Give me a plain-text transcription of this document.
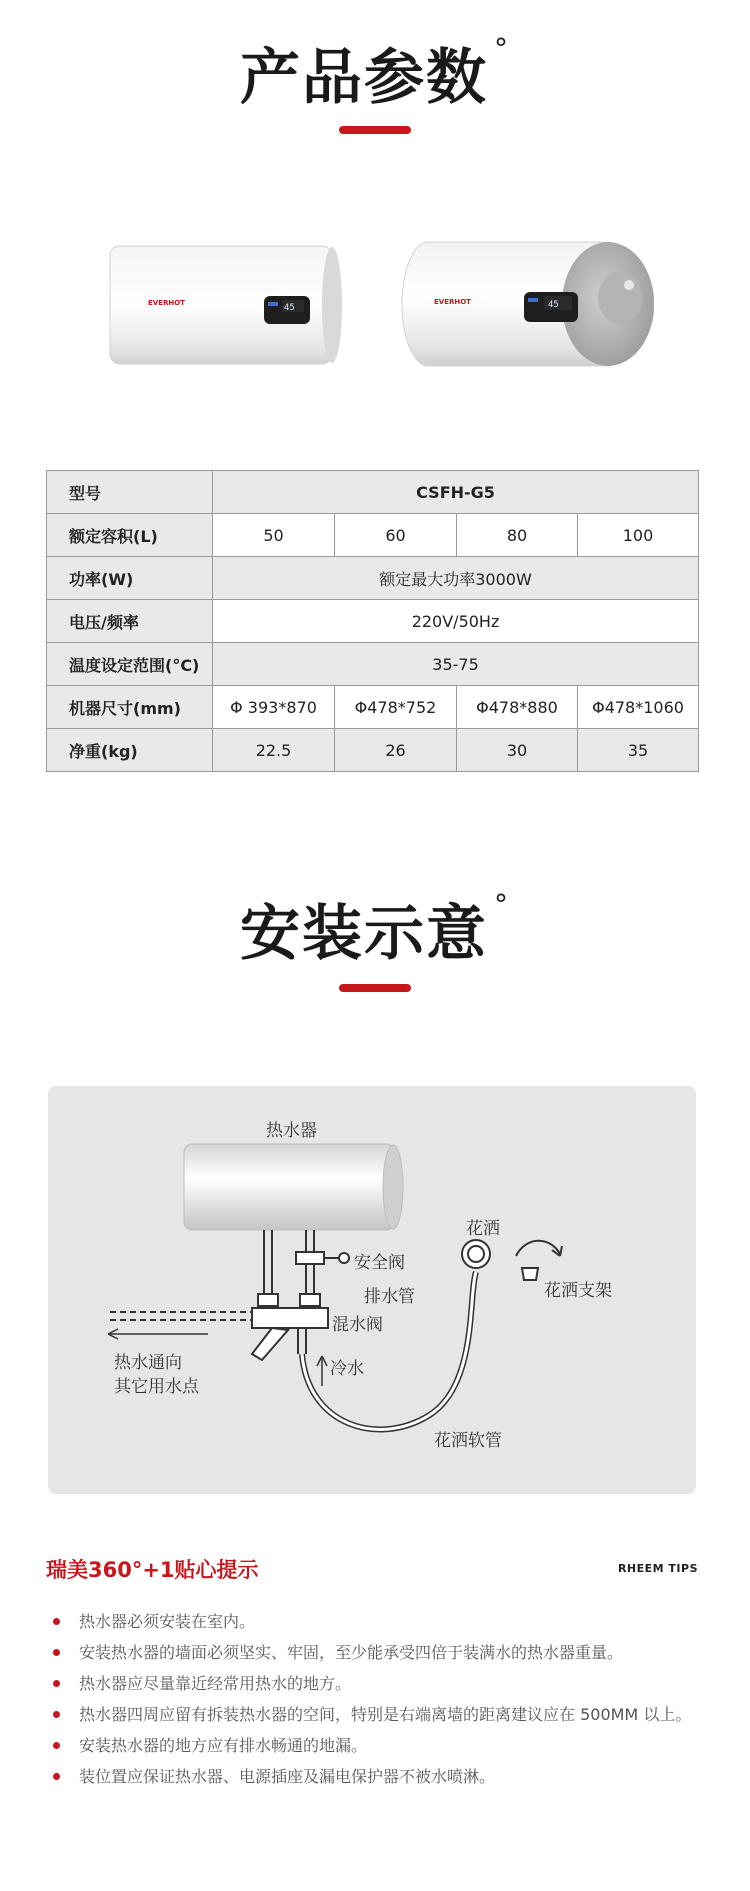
产品参数 °
45
EVERHOT	45
EVERHOT
型号	CSFH-G5			
额定容积(L)	50	60	80	100
功率(W)	额定最大功率3000W			
电压/频率	220V/50Hz			
温度设定范围(°C)	35-75			
机器尺寸(mm)	Φ 393*870	Φ478*752	Φ478*880	Φ478*1060
净重(kg)	22.5	26	30	35
安装示意 °
热水器
安全阀
排水管
混水阀
冷水
热水通向
其它用水点
花洒
花洒支架
花洒软管
瑞美360°+1贴心提示	RHEEM TIPS
热水器必须安装在室内。
安装热水器的墙面必须坚实、牢固，至少能承受四倍于装满水的热水器重量。
热水器应尽量靠近经常用热水的地方。
热水器四周应留有拆装热水器的空间，特别是右端离墙的距离建议应在 500MM 以上。
安装热水器的地方应有排水畅通的地漏。
装位置应保证热水器、电源插座及漏电保护器不被水喷淋。
